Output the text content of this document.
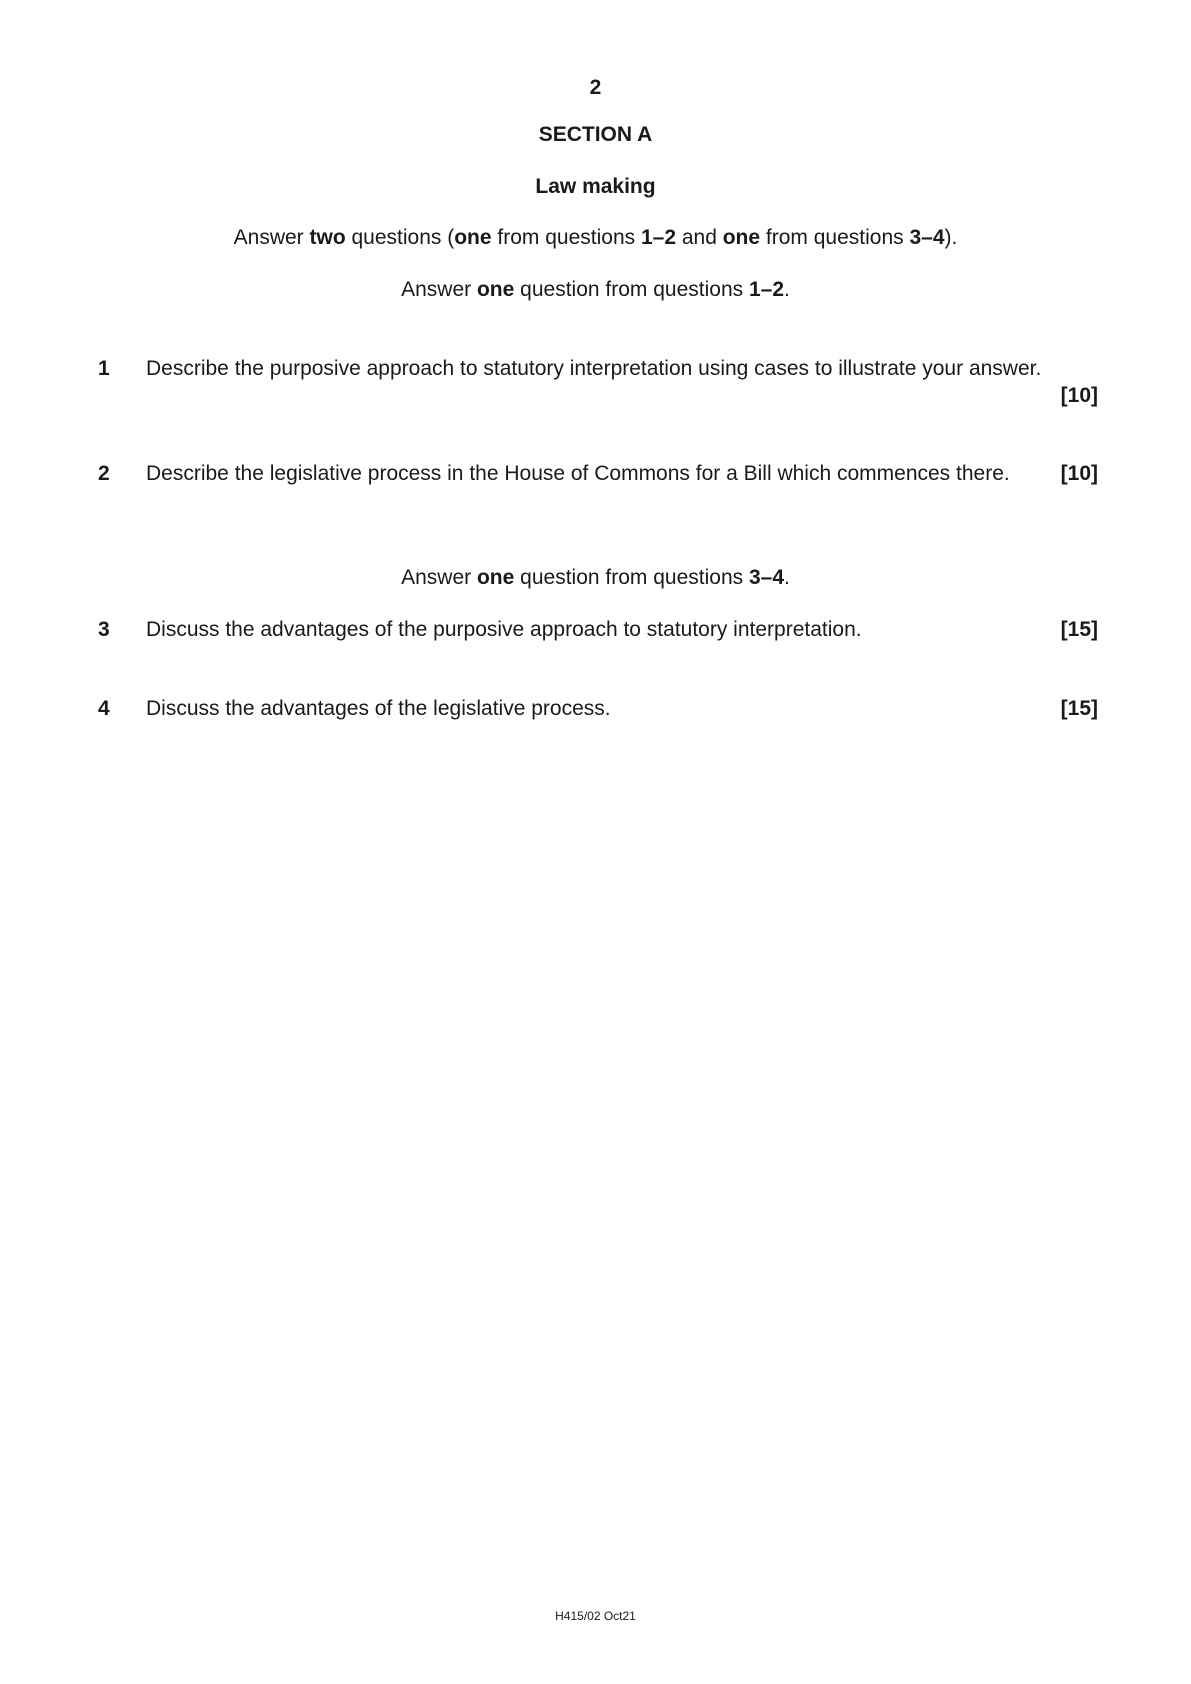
2
SECTION A
Law making
Answer two questions (one from questions 1–2 and one from questions 3–4).
Answer one question from questions 1–2.
1 Describe the purposive approach to statutory interpretation using cases to illustrate your answer.
[10]
2 Describe the legislative process in the House of Commons for a Bill which commences there. [10]
Answer one question from questions 3–4.
3 Discuss the advantages of the purposive approach to statutory interpretation.	[15]
4 Discuss the advantages of the legislative process.	[15]
H415/02 Oct21
